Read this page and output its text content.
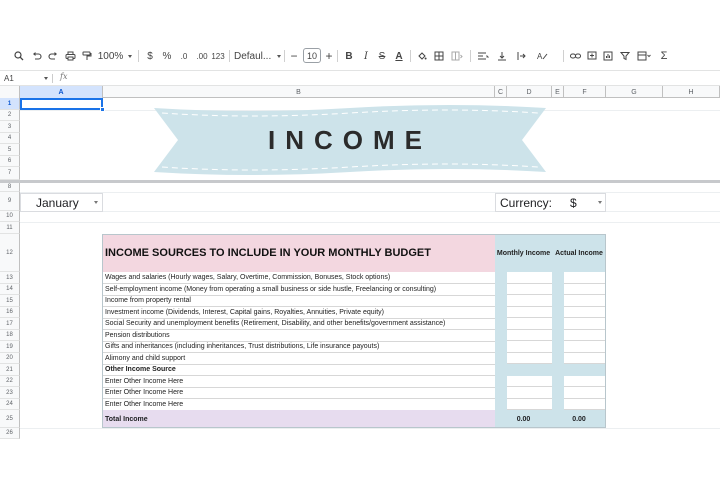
100%	$ %	.0	.00 123 Defaul... −	10 + B	I	S A	A	Σ
A1	fx
A	B	C	D	E	F	G	H
1
2
3
4
5
6
7
8
9
10
11
12
13
14
15
16
17
18
19
20
21
22
23
24
25
26
INCOME
January	Currency: $
INCOME SOURCES TO INCLUDE IN YOUR MONTHLY BUDGET	Monthly Income Actual Income
Wages and salaries (Hourly wages, Salary, Overtime, Commission, Bonuses, Stock options)
Self-employment income (Money from operating a small business or side hustle, Freelancing or consulting)
Income from property rental
Investment income (Dividends, Interest, Capital gains, Royalties, Annuities, Private equity)
Social Security and unemployment benefits (Retirement, Disability, and other benefits/government assistance)
Pension distributions
Gifts and inheritances (including inheritances, Trust distributions, Life insurance payouts)
Alimony and child support
Other Income Source
Enter Other Income Here
Enter Other Income Here
Enter Other Income Here
Total Income	0.00	0.00
